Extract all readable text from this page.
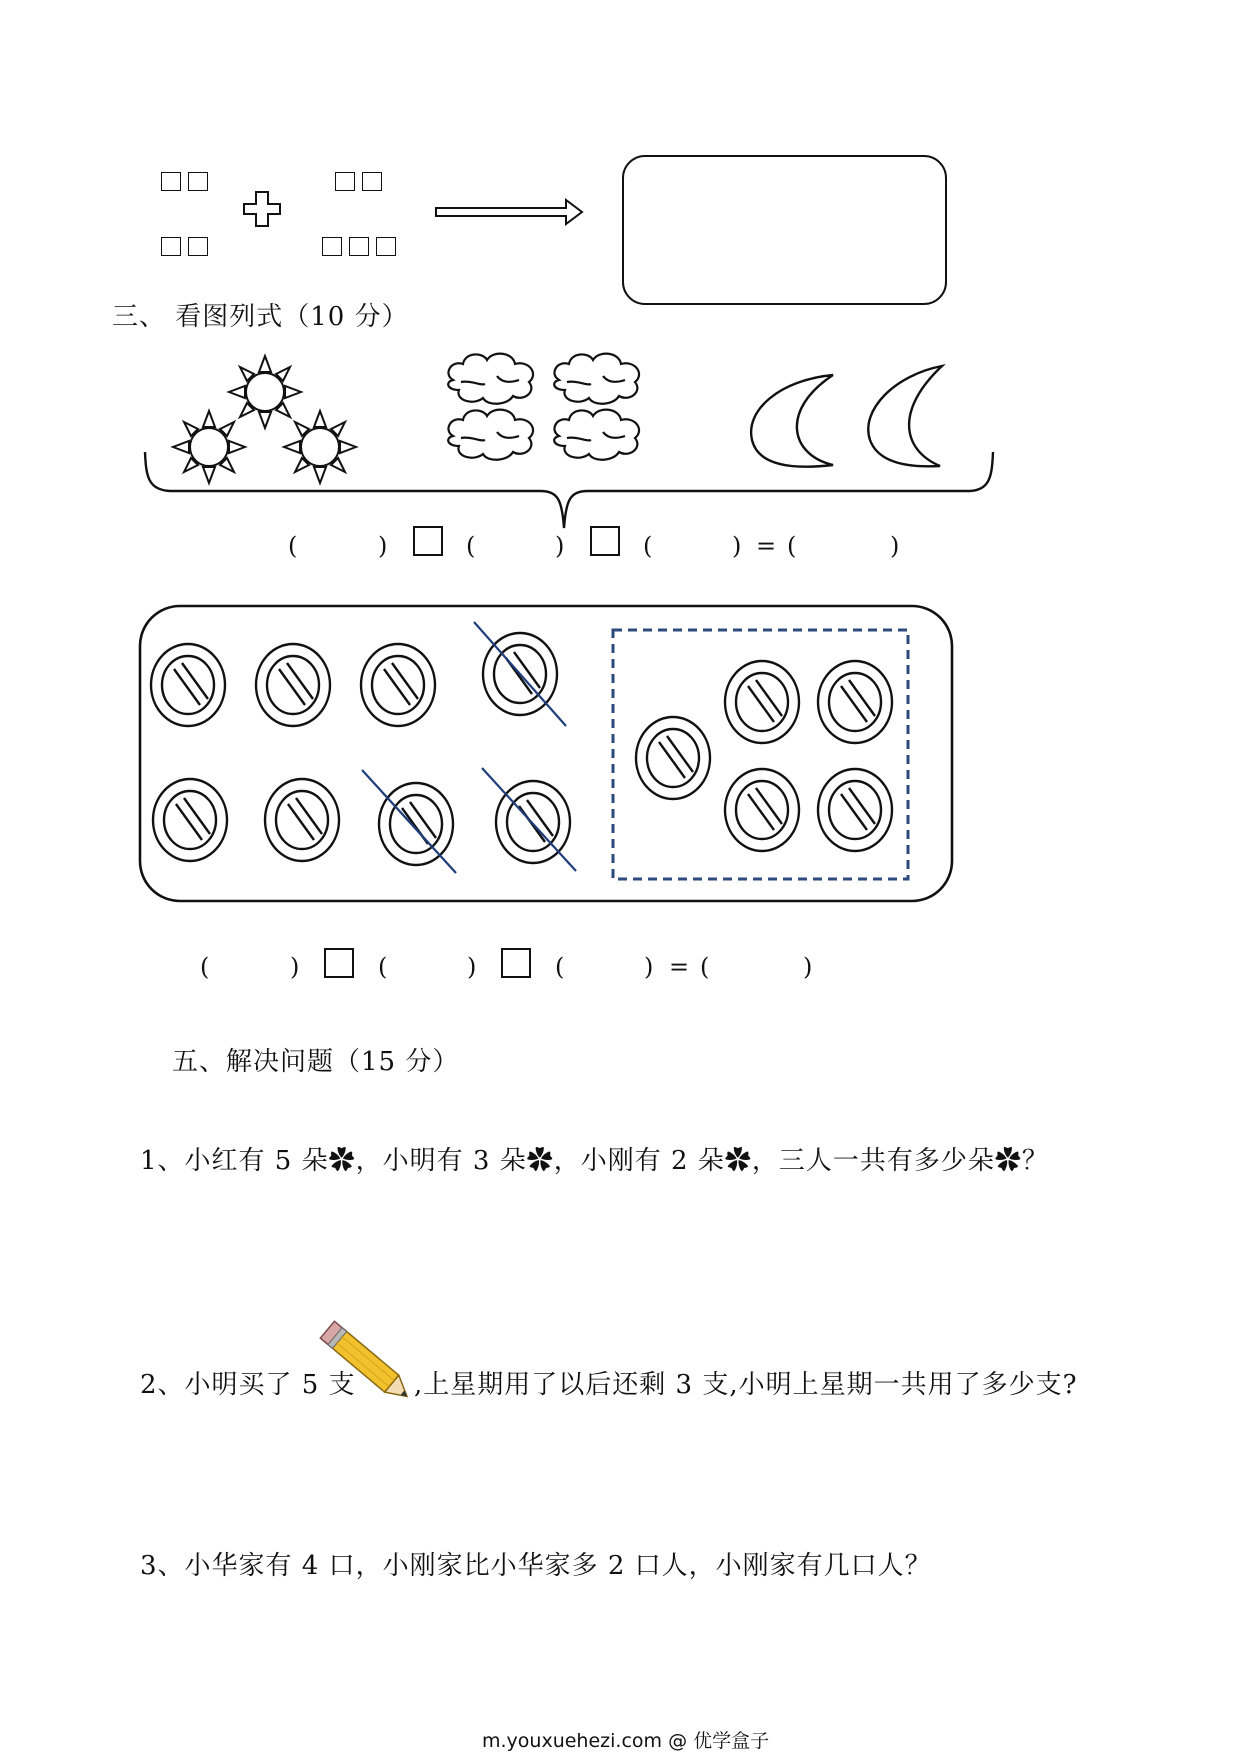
三、 看图列式（10 分）
(	)	(	)	(	) = (	)
(	)	(	)	(	) = (	)
五、解决问题（15 分）
1、小红有 5 朵✿，小明有 3 朵✿，小刚有 2 朵✿，三人一共有多少朵✿？
2、小明买了 5 支 ,上星期用了以后还剩 3 支,小明上星期一共用了多少支?
3、小华家有 4 口，小刚家比小华家多 2 口人，小刚家有几口人？
m.youxuehezi.com @ 优学盒子
